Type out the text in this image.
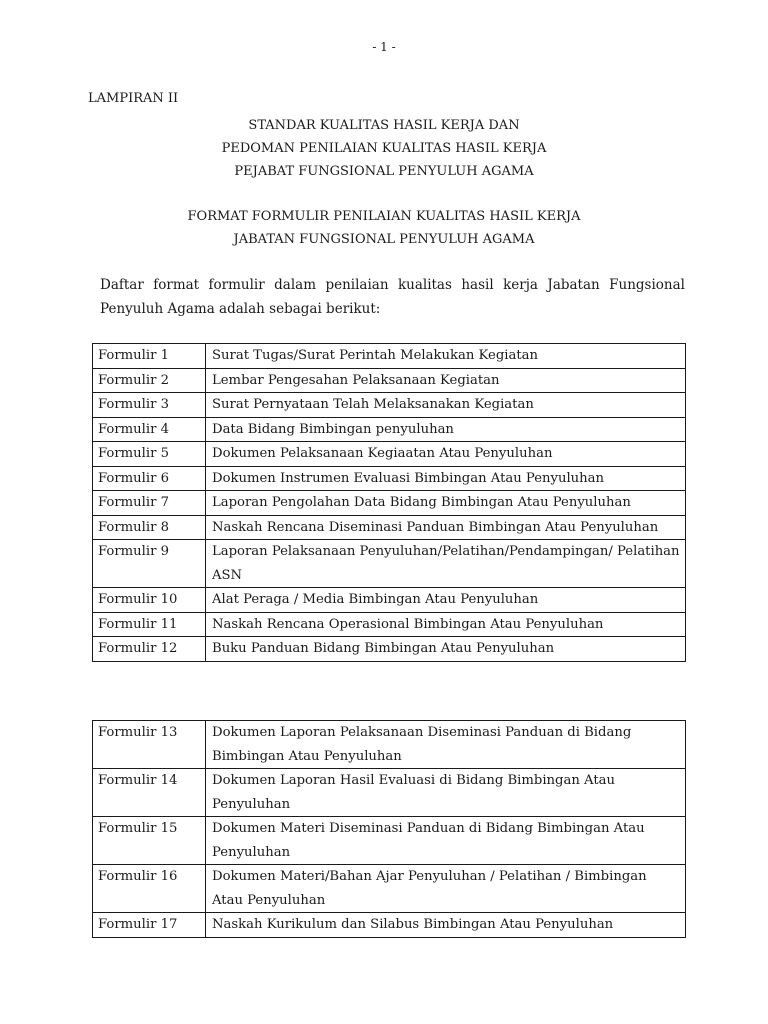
- 1 -
LAMPIRAN II
STANDAR KUALITAS HASIL KERJA DAN
PEDOMAN PENILAIAN KUALITAS HASIL KERJA
PEJABAT FUNGSIONAL PENYULUH AGAMA
FORMAT FORMULIR PENILAIAN KUALITAS HASIL KERJA
JABATAN FUNGSIONAL PENYULUH AGAMA

Daftar format formulir dalam penilaian kualitas hasil kerja Jabatan Fungsional Penyuluh Agama adalah sebagai berikut:

Formulir 1	Surat Tugas/Surat Perintah Melakukan Kegiatan
Formulir 2	Lembar Pengesahan Pelaksanaan Kegiatan
Formulir 3	Surat Pernyataan Telah Melaksanakan Kegiatan
Formulir 4	Data Bidang Bimbingan penyuluhan
Formulir 5	Dokumen Pelaksanaan Kegiaatan Atau Penyuluhan
Formulir 6	Dokumen Instrumen Evaluasi Bimbingan Atau Penyuluhan
Formulir 7	Laporan Pengolahan Data Bidang Bimbingan Atau Penyuluhan
Formulir 8	Naskah Rencana Diseminasi Panduan Bimbingan Atau Penyuluhan
Formulir 9	Laporan Pelaksanaan Penyuluhan/Pelatihan/Pendampingan/ Pelatihan ASN
Formulir 10	Alat Peraga / Media Bimbingan Atau Penyuluhan
Formulir 11	Naskah Rencana Operasional Bimbingan Atau Penyuluhan
Formulir 12	Buku Panduan Bidang Bimbingan Atau Penyuluhan
Formulir 13	Dokumen Laporan Pelaksanaan Diseminasi Panduan di Bidang Bimbingan Atau Penyuluhan
Formulir 14	Dokumen Laporan Hasil Evaluasi di Bidang Bimbingan Atau Penyuluhan
Formulir 15	Dokumen Materi Diseminasi Panduan di Bidang Bimbingan Atau Penyuluhan
Formulir 16	Dokumen Materi/Bahan Ajar Penyuluhan / Pelatihan / Bimbingan Atau Penyuluhan
Formulir 17	Naskah Kurikulum dan Silabus Bimbingan Atau Penyuluhan
